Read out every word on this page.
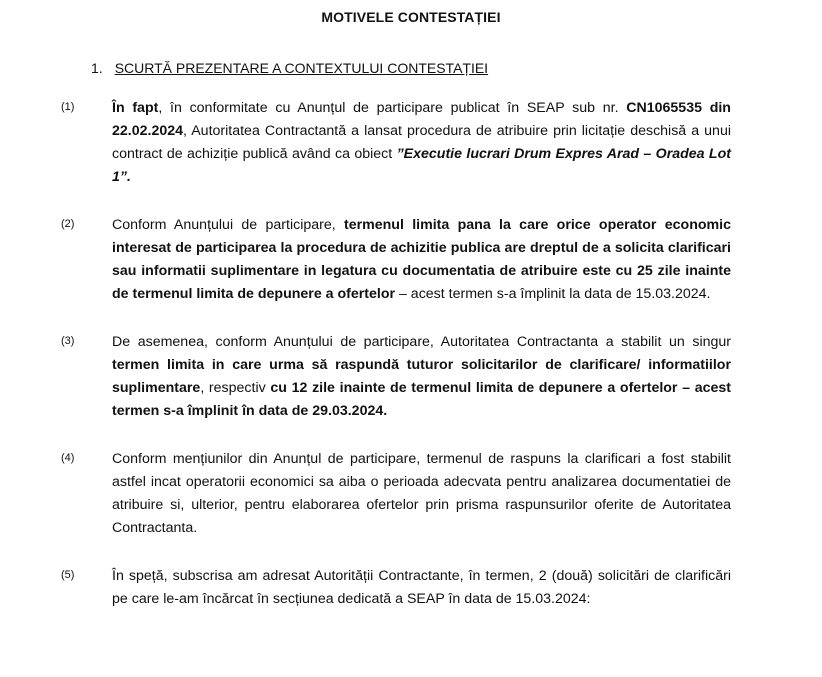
MOTIVELE CONTESTAȚIEI
1. SCURTĂ PREZENTARE A CONTEXTULUI CONTESTAȚIEI
(1)	În fapt, în conformitate cu Anunțul de participare publicat în SEAP sub nr. CN1065535 din 22.02.2024, Autoritatea Contractantă a lansat procedura de atribuire prin licitație deschisă a unui contract de achiziție publică având ca obiect ”Executie lucrari Drum Expres Arad – Oradea Lot 1”.
(2)	Conform Anunțului de participare, termenul limita pana la care orice operator economic interesat de participarea la procedura de achizitie publica are dreptul de a solicita clarificari sau informatii suplimentare in legatura cu documentatia de atribuire este cu 25 zile inainte de termenul limita de depunere a ofertelor – acest termen s-a împlinit la data de 15.03.2024.
(3)	De asemenea, conform Anunțului de participare, Autoritatea Contractanta a stabilit un singur termen limita in care urma să raspundă tuturor solicitarilor de clarificare/ informatiilor suplimentare, respectiv cu 12 zile inainte de termenul limita de depunere a ofertelor – acest termen s-a împlinit în data de 29.03.2024.
(4)	Conform mențiunilor din Anunțul de participare, termenul de raspuns la clarificari a fost stabilit astfel incat operatorii economici sa aiba o perioada adecvata pentru analizarea documentatiei de atribuire si, ulterior, pentru elaborarea ofertelor prin prisma raspunsurilor oferite de Autoritatea Contractanta.
(5)	În speță, subscrisa am adresat Autorității Contractante, în termen, 2 (două) solicitări de clarificări pe care le-am încărcat în secțiunea dedicată a SEAP în data de 15.03.2024:
